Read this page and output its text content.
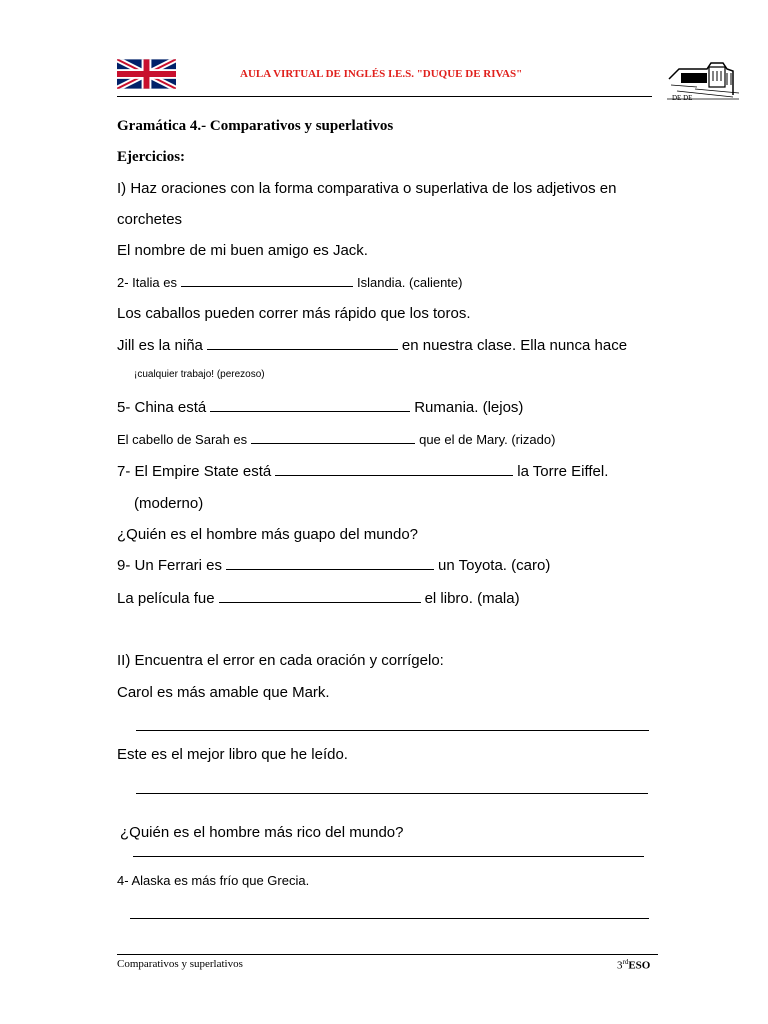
AULA VIRTUAL DE INGLÉS I.E.S. "DUQUE DE RIVAS"
DE DE
Gramática 4.- Comparativos y superlativos
Ejercicios:
I) Haz oraciones con la forma comparativa o superlativa de los adjetivos en
corchetes
El nombre de mi buen amigo es Jack.
2- Italia es	Islandia. (caliente)
Los caballos pueden correr más rápido que los toros.
Jill es la niña	en nuestra clase. Ella nunca hace
¡cualquier trabajo! (perezoso)
5- China está	Rumania. (lejos)
El cabello de Sarah es	que el de Mary. (rizado)
7- El Empire State está	la Torre Eiffel.
(moderno)
¿Quién es el hombre más guapo del mundo?
9- Un Ferrari es	un Toyota. (caro)
La película fue	el libro. (mala)
II) Encuentra el error en cada oración y corrígelo:
Carol es más amable que Mark.
Este es el mejor libro que he leído.
¿Quién es el hombre más rico del mundo?
4- Alaska es más frío que Grecia.
Comparativos y superlativos	3rdESO
